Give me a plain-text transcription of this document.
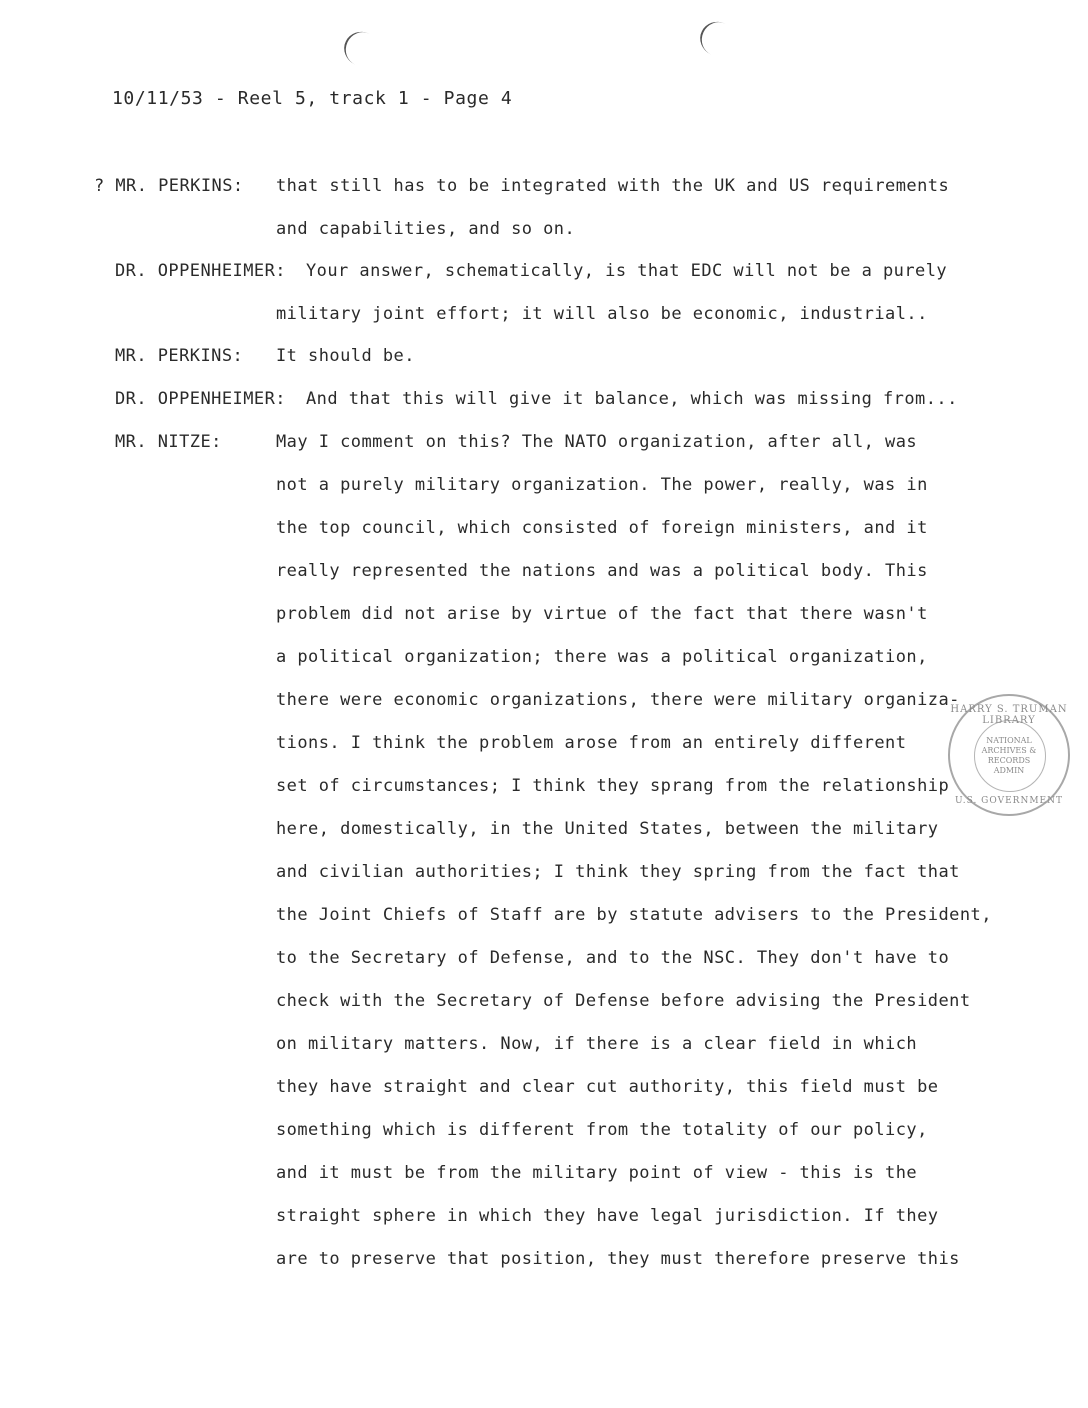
10/11/53 - Reel 5, track 1 - Page 4
? MR. PERKINS: that still has to be integrated with the UK and US requirements
and capabilities, and so on.
DR. OPPENHEIMER: Your answer, schematically, is that EDC will not be a purely
military joint effort; it will also be economic, industrial..
MR. PERKINS: It should be.
DR. OPPENHEIMER: And that this will give it balance, which was missing from...
MR. NITZE:	May I comment on this? The NATO organization, after all, was
not a purely military organization. The power, really, was in
the top council, which consisted of foreign ministers, and it
really represented the nations and was a political body. This
problem did not arise by virtue of the fact that there wasn't
a political organization; there was a political organization,
there were economic organizations, there were military organiza-
tions. I think the problem arose from an entirely different
set of circumstances; I think they sprang from the relationship
here, domestically, in the United States, between the military
and civilian authorities; I think they spring from the fact that
the Joint Chiefs of Staff are by statute advisers to the President,
to the Secretary of Defense, and to the NSC. They don't have to
check with the Secretary of Defense before advising the President
on military matters. Now, if there is a clear field in which
they have straight and clear cut authority, this field must be
something which is different from the totality of our policy,
and it must be from the military point of view - this is the
straight sphere in which they have legal jurisdiction. If they
are to preserve that position, they must therefore preserve this
HARRY S. TRUMAN LIBRARY
NATIONAL ARCHIVES & RECORDS ADMIN
U.S. GOVERNMENT
